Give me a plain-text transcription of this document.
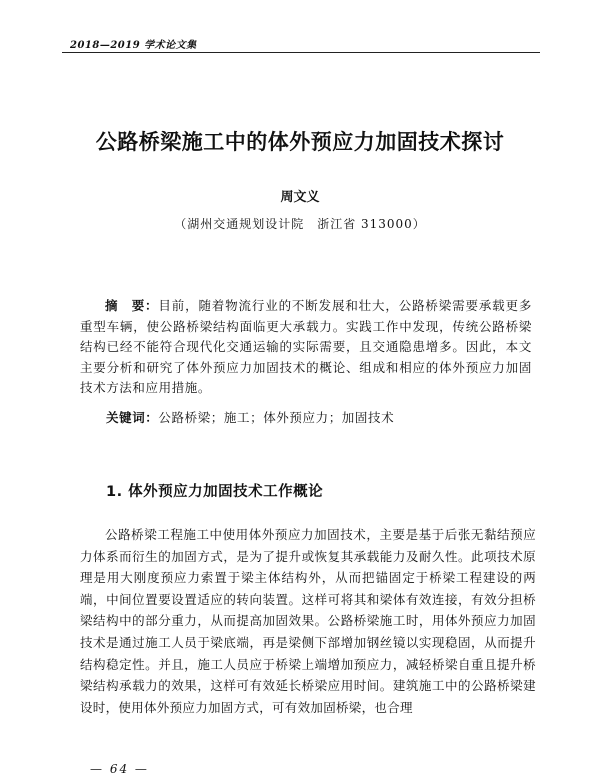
2018—2019 学术论文集
公路桥梁施工中的体外预应力加固技术探讨
周文义
（湖州交通规划设计院　浙江省 313000）
摘　要：目前，随着物流行业的不断发展和壮大，公路桥梁需要承载更多重型车辆，使公路桥梁结构面临更大承载力。实践工作中发现，传统公路桥梁结构已经不能符合现代化交通运输的实际需要，且交通隐患增多。因此，本文主要分析和研究了体外预应力加固技术的概论、组成和相应的体外预应力加固技术方法和应用措施。
关键词：公路桥梁；施工；体外预应力；加固技术
1. 体外预应力加固技术工作概论
公路桥梁工程施工中使用体外预应力加固技术，主要是基于后张无黏结预应力体系而衍生的加固方式，是为了提升或恢复其承载能力及耐久性。此项技术原理是用大刚度预应力索置于梁主体结构外，从而把锚固定于桥梁工程建设的两端，中间位置要设置适应的转向装置。这样可将其和梁体有效连接，有效分担桥梁结构中的部分重力，从而提高加固效果。公路桥梁施工时，用体外预应力加固技术是通过施工人员于梁底端，再是梁侧下部增加钢丝镜以实现稳固，从而提升结构稳定性。并且，施工人员应于桥梁上端增加预应力，减轻桥梁自重且提升桥梁结构承载力的效果，这样可有效延长桥梁应用时间。建筑施工中的公路桥梁建设时，使用体外预应力加固方式，可有效加固桥梁，也合理
— 64 —
